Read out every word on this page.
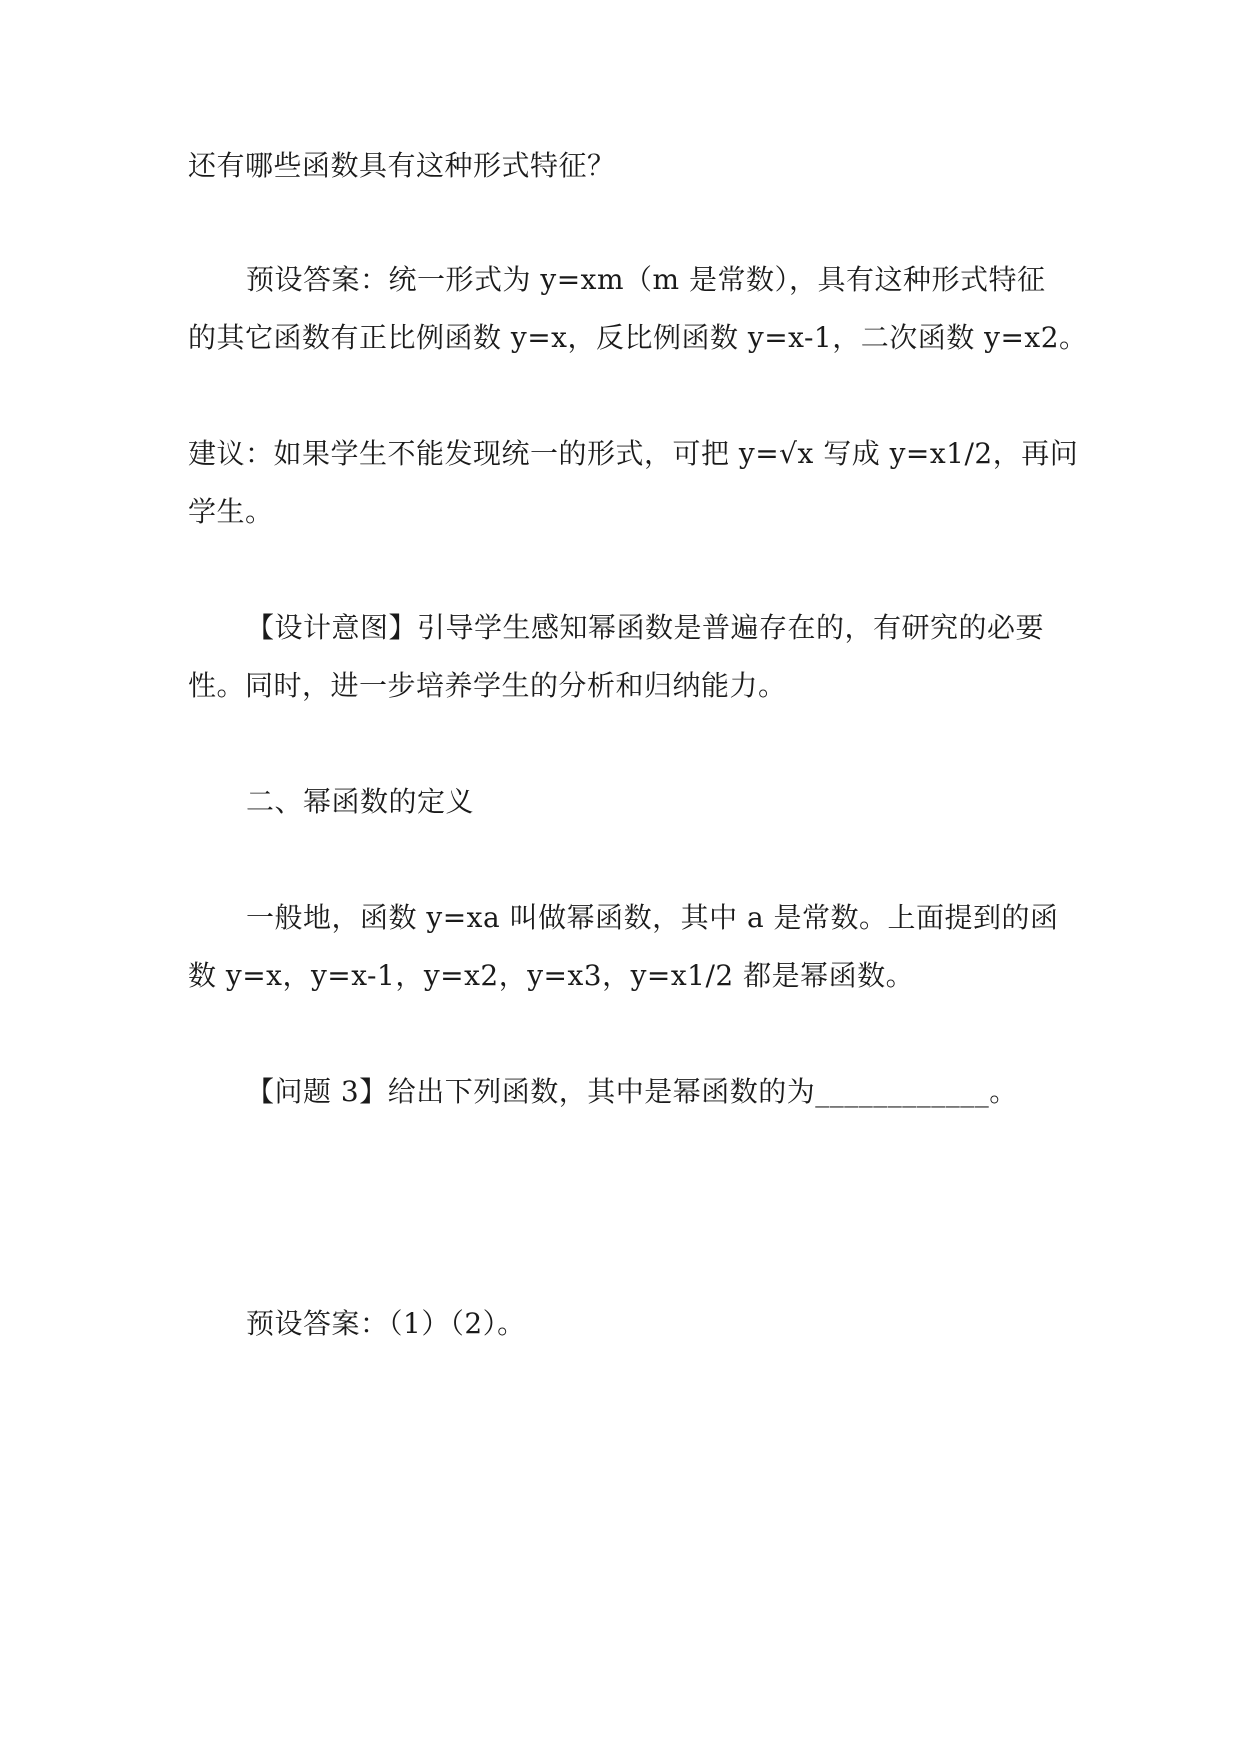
还有哪些函数具有这种形式特征？
预设答案：统一形式为 y=xm（m 是常数），具有这种形式特征
的其它函数有正比例函数 y=x，反比例函数 y=x-1，二次函数 y=x2。
建议：如果学生不能发现统一的形式，可把 y=√x 写成 y=x1/2，再问
学生。
【设计意图】引导学生感知幂函数是普遍存在的，有研究的必要
性。同时，进一步培养学生的分析和归纳能力。
二、幂函数的定义
一般地，函数 y=xa 叫做幂函数，其中 a 是常数。上面提到的函
数 y=x，y=x-1，y=x2，y=x3，y=x1/2 都是幂函数。
【问题 3】给出下列函数，其中是幂函数的为____________。
预设答案：（1）（2）。
